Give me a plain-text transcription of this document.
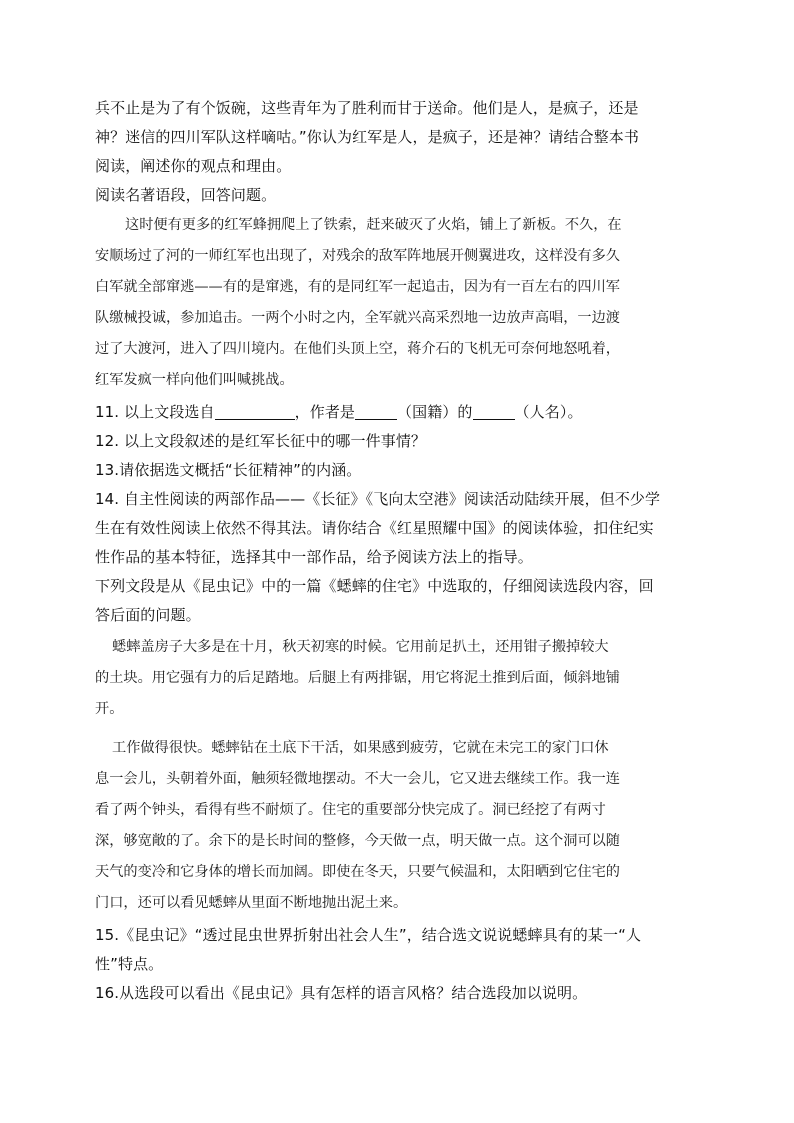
兵不止是为了有个饭碗，这些青年为了胜利而甘于送命。他们是人，是疯子，还是
神？迷信的四川军队这样嘀咕。”你认为红军是人，是疯子，还是神？请结合整本书
阅读，阐述你的观点和理由。
阅读名著语段，回答问题。
这时便有更多的红军蜂拥爬上了铁索，赶来破灭了火焰，铺上了新板。不久，在
安顺场过了河的一师红军也出现了，对残余的敌军阵地展开侧翼进攻，这样没有多久
白军就全部窜逃——有的是窜逃，有的是同红军一起追击，因为有一百左右的四川军
队缴械投诚，参加追击。一两个小时之内，全军就兴高采烈地一边放声高唱，一边渡
过了大渡河，进入了四川境内。在他们头顶上空，蒋介石的飞机无可奈何地怒吼着，
红军发疯一样向他们叫喊挑战。
11. 以上文段选自	，作者是	（国籍）的	（人名）。
12. 以上文段叙述的是红军长征中的哪一件事情？
13.请依据选文概括“长征精神”的内涵。
14. 自主性阅读的两部作品——《长征》《飞向太空港》阅读活动陆续开展，但不少学
生在有效性阅读上依然不得其法。请你结合《红星照耀中国》的阅读体验，扣住纪实
性作品的基本特征，选择其中一部作品，给予阅读方法上的指导。
下列文段是从《昆虫记》中的一篇《蟋蟀的住宅》中选取的，仔细阅读选段内容，回
答后面的问题。
蟋蟀盖房子大多是在十月，秋天初寒的时候。它用前足扒土，还用钳子搬掉较大
的土块。用它强有力的后足踏地。后腿上有两排锯，用它将泥土推到后面，倾斜地铺
开。
工作做得很快。蟋蟀钻在土底下干活，如果感到疲劳，它就在未完工的家门口休
息一会儿，头朝着外面，触须轻微地摆动。不大一会儿，它又进去继续工作。我一连
看了两个钟头，看得有些不耐烦了。住宅的重要部分快完成了。洞已经挖了有两寸
深，够宽敞的了。余下的是长时间的整修，今天做一点，明天做一点。这个洞可以随
天气的变冷和它身体的增长而加阔。即使在冬天，只要气候温和，太阳晒到它住宅的
门口，还可以看见蟋蟀从里面不断地抛出泥土来。
15.《昆虫记》“透过昆虫世界折射出社会人生”，结合选文说说蟋蟀具有的某一“人
性”特点。
16.从选段可以看出《昆虫记》具有怎样的语言风格？结合选段加以说明。
